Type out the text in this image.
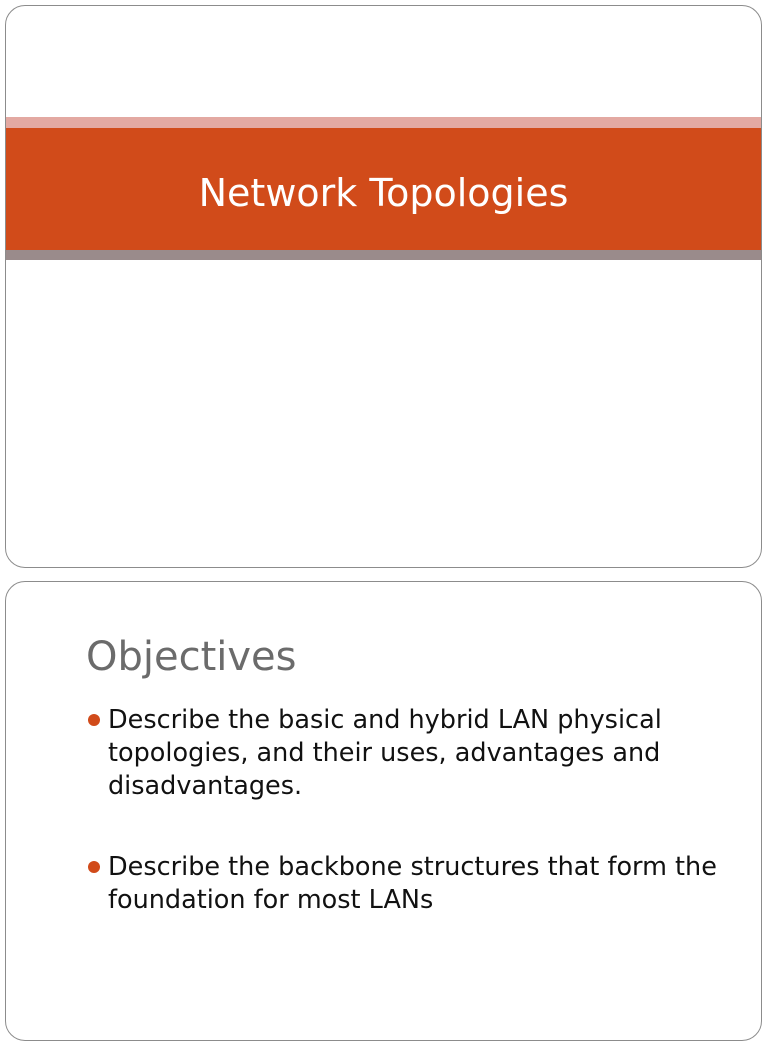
Network Topologies
Objectives
Describe the basic and hybrid LAN physical topologies, and their uses, advantages and disadvantages.
Describe the backbone structures that form the foundation for most LANs
